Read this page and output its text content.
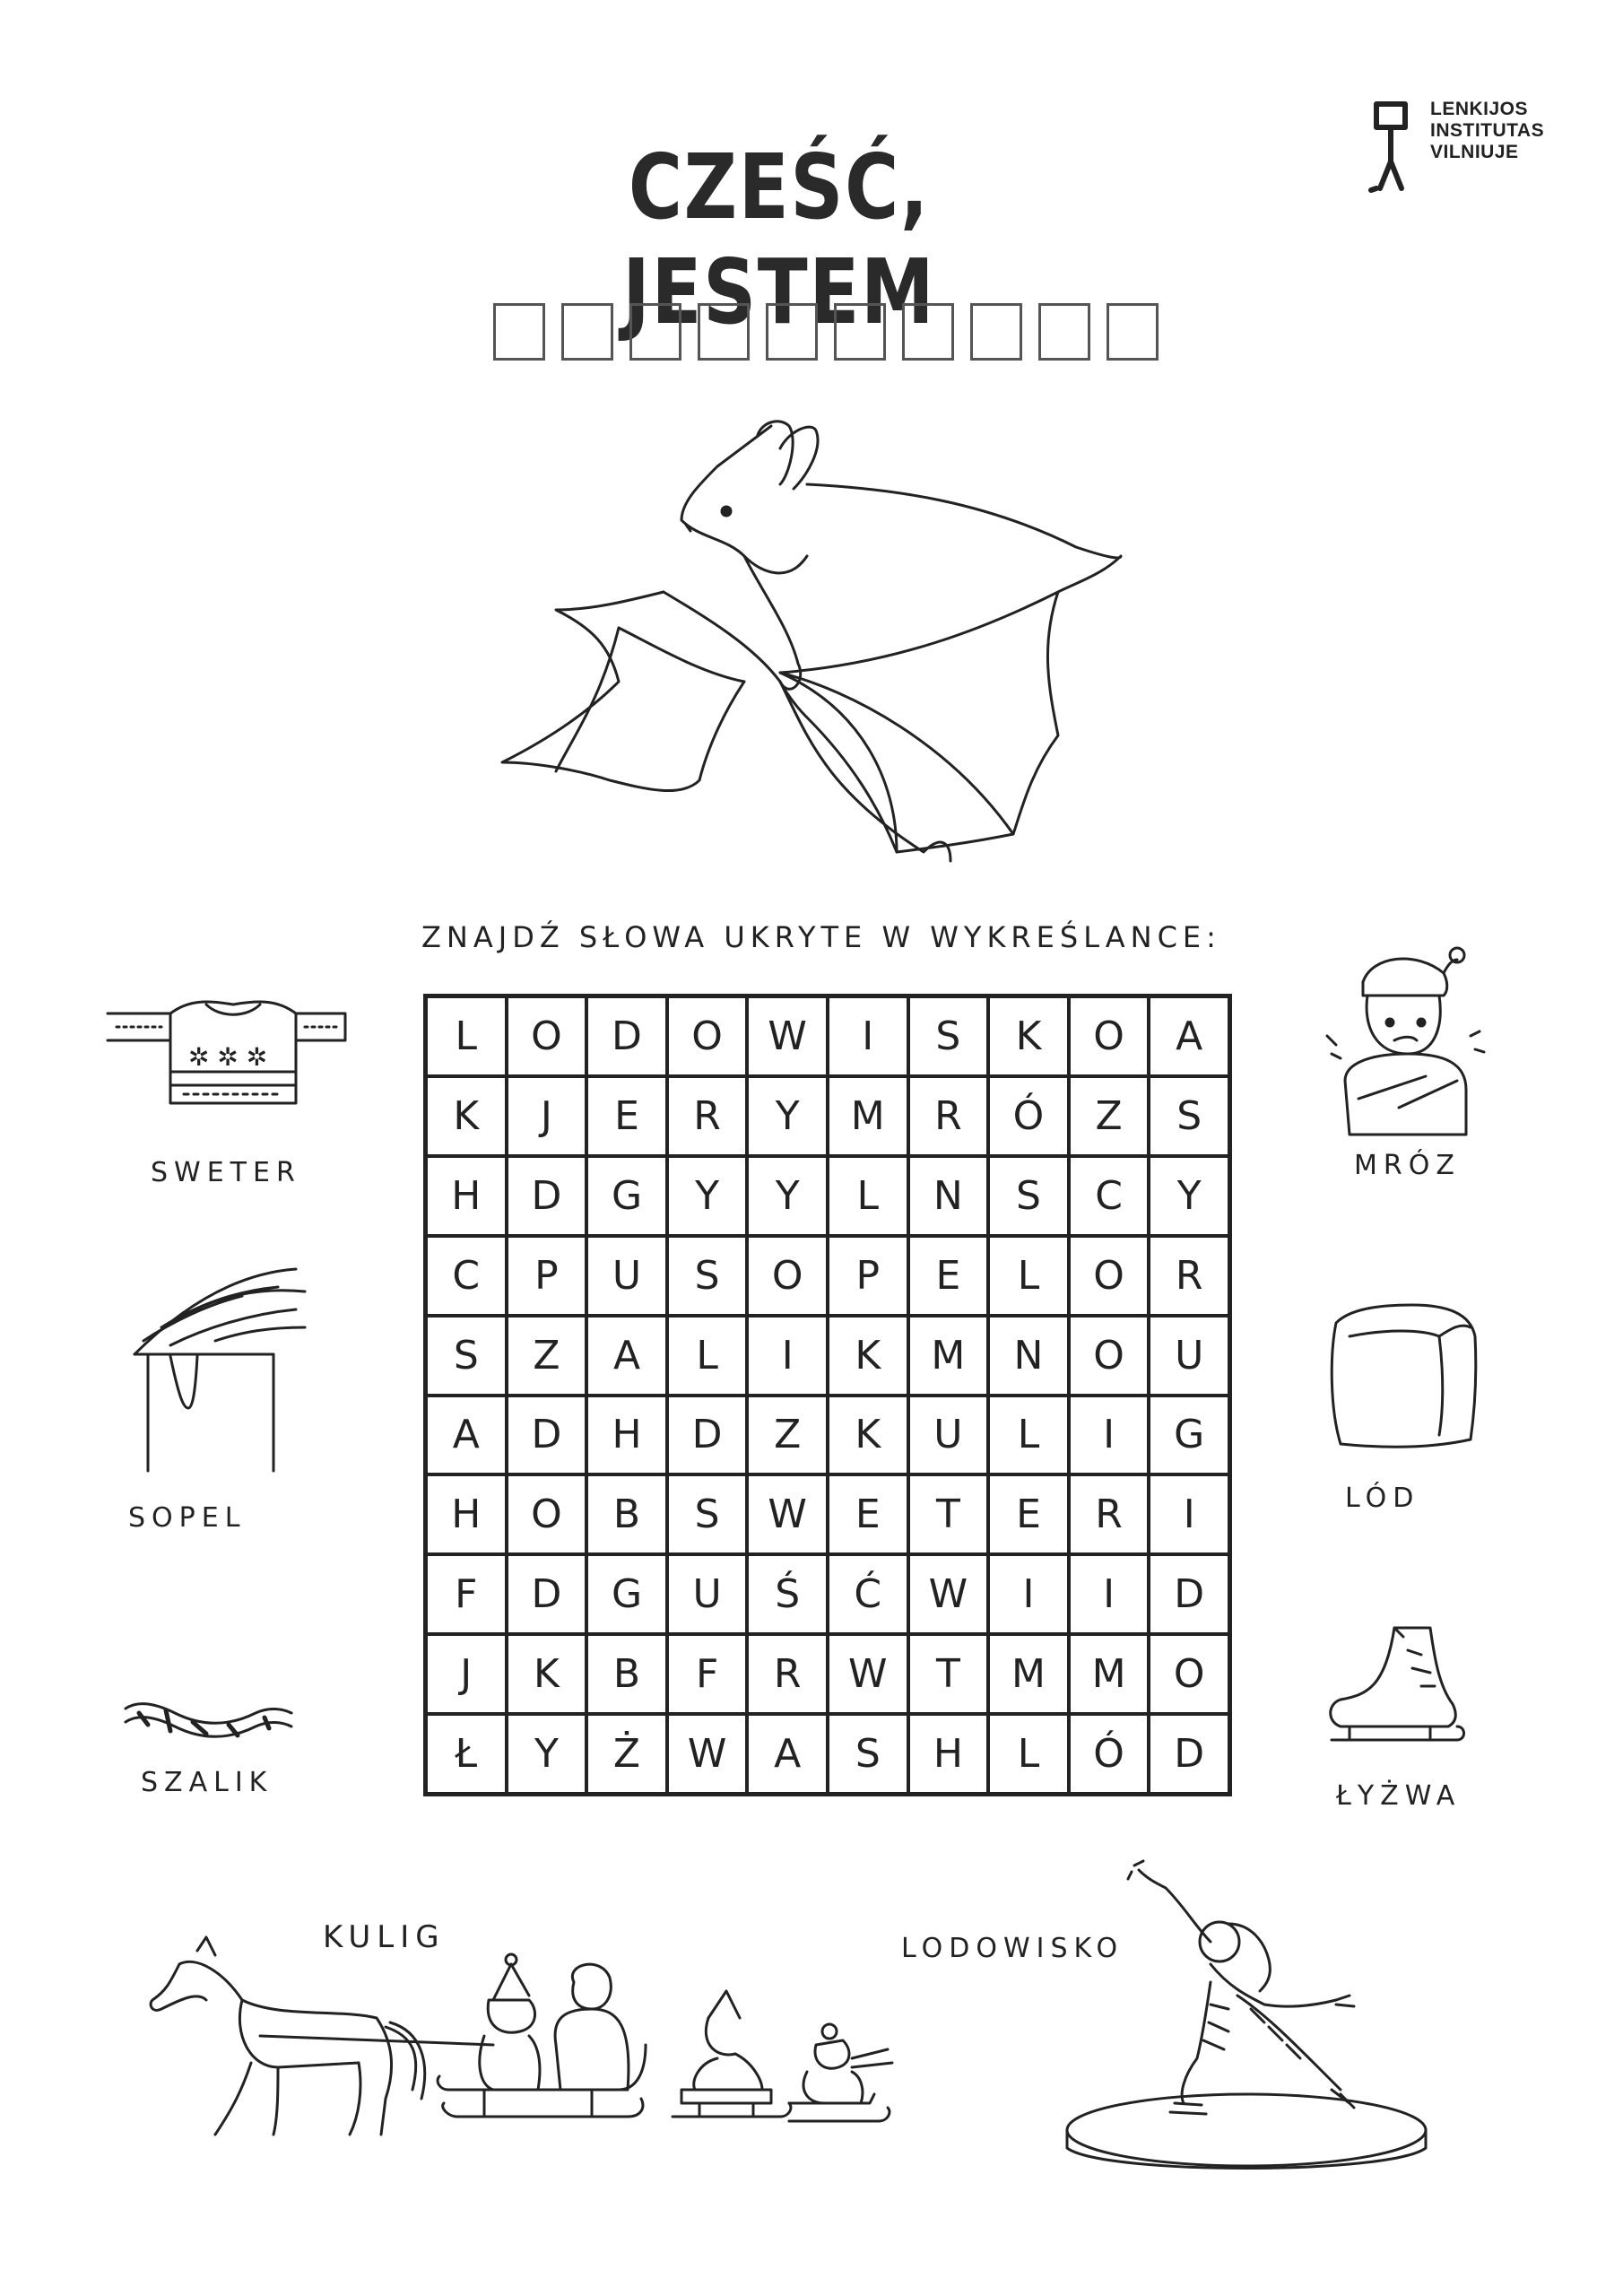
CZEŚĆ, JESTEM
LENKIJOS
INSTITUTAS
VILNIUJE
ZNAJDŹ SŁOWA UKRYTE W WYKREŚLANCE:
L	O	D	O	W	I	S	K	O	A
K	J	E	R	Y	M	R	Ó	Z	S
H	D	G	Y	Y	L	N	S	C	Y
C	P	U	S	O	P	E	L	O	R
S	Z	A	L	I	K	M	N	O	U
A	D	H	D	Z	K	U	L	I	G
H	O	B	S	W	E	T	E	R	I
F	D	G	U	Ś	Ć	W	I	I	D
J	K	B	F	R	W	T	M	M	O
Ł	Y	Ż	W	A	S	H	L	Ó	D
✲ ✲ ✲
SWETER
SOPEL
SZALIK
MRÓZ
LÓD
ŁYŻWA
KULIG	LODOWISKO
